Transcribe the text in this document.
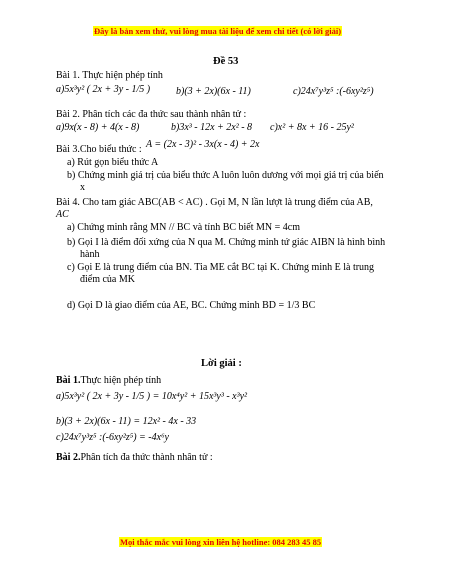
Đây là bản xem thử, vui lòng mua tài liệu để xem chi tiết (có lời giải)
Đề 53
Bài 1. Thực hiện phép tính
a)5x³y² ( 2x + 3y - 1/5 )	b)(3 + 2x)(6x - 11)	c)24x⁷y³z⁵ :(-6xy²z⁵)
Bài 2. Phân tích các đa thức sau thành nhân tử :
a)9x(x - 8) + 4(x - 8)	b)3x³ - 12x + 2x² - 8 c)x² + 8x + 16 - 25y²
Bài 3.Cho biểu thức : A = (2x - 3)² - 3x(x - 4) + 2x
a) Rút gọn biểu thức A
b) Chứng minh giá trị của biểu thức A luôn luôn dương với mọi giá trị của biến
x
Bài 4. Cho tam giác ABC(AB < AC) . Gọi M, N lần lượt là trung điểm của AB,
AC
a) Chứng minh rằng MN // BC và tính BC biết MN = 4cm
b) Gọi I là điểm đối xứng của N qua M. Chứng minh tứ giác AIBN là hình bình
hành
c) Gọi E là trung điểm của BN. Tia ME cắt BC tại K. Chứng minh E là trung
điểm của MK
d) Gọi D là giao điểm của AE, BC. Chứng minh BD = 1/3 BC
Lời giải :
Bài 1.Thực hiện phép tính
a)5x³y² ( 2x + 3y - 1/5 ) = 10x⁴y² + 15x³y³ - x³y²
b)(3 + 2x)(6x - 11) = 12x² - 4x - 33
c)24x⁷y³z⁵ :(-6xy²z⁵) = -4x⁶y
Bài 2.Phân tích đa thức thành nhân tử :
Mọi thắc mắc vui lòng xin liên hệ hotline: 084 283 45 85
